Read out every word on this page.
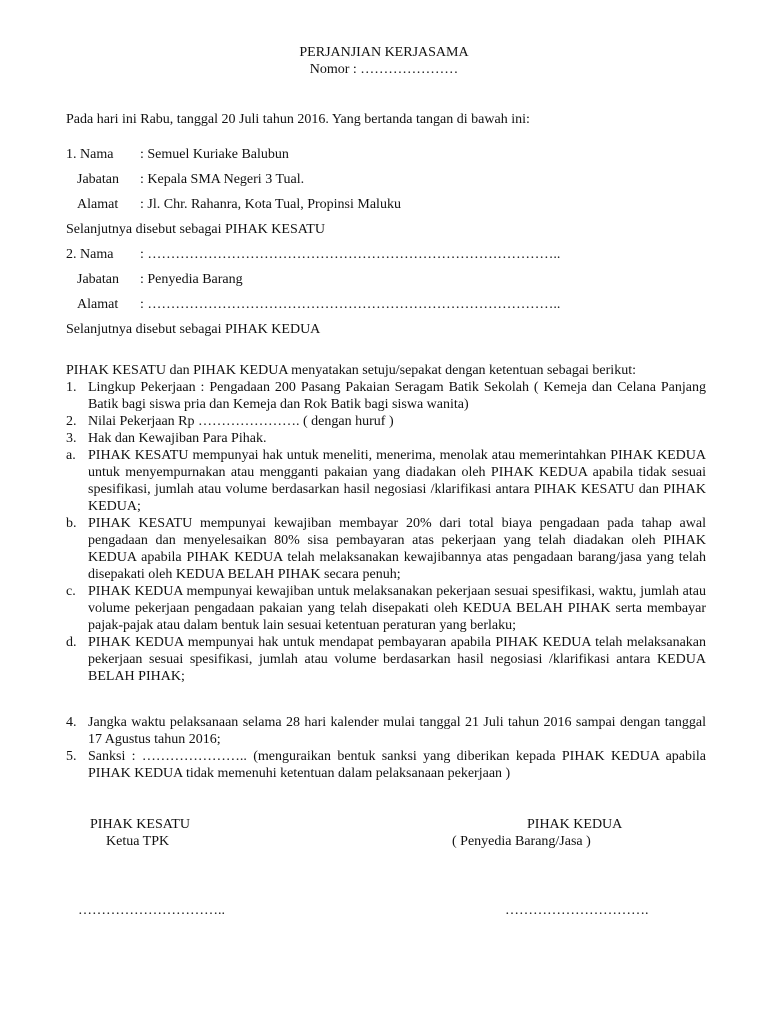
PERJANJIAN KERJASAMA
Nomor : …………………
Pada hari ini Rabu, tanggal 20 Juli tahun 2016. Yang bertanda tangan di bawah ini:
1. Nama : Semuel Kuriake Balubun
Jabatan : Kepala SMA Negeri 3 Tual.
Alamat : Jl. Chr. Rahanra, Kota Tual, Propinsi Maluku
Selanjutnya disebut sebagai PIHAK KESATU
2. Nama : ……………………………………………………………………………..
Jabatan : Penyedia Barang
Alamat : ……………………………………………………………………………..
Selanjutnya disebut sebagai PIHAK KEDUA
PIHAK KESATU dan PIHAK KEDUA menyatakan setuju/sepakat dengan ketentuan sebagai berikut:
1. Lingkup Pekerjaan : Pengadaan 200 Pasang Pakaian Seragam Batik Sekolah ( Kemeja dan Celana Panjang Batik bagi siswa pria dan Kemeja dan Rok Batik bagi siswa wanita)
2. Nilai Pekerjaan Rp …………………. ( dengan huruf )
3. Hak dan Kewajiban Para Pihak.
a. PIHAK KESATU mempunyai hak untuk meneliti, menerima, menolak atau memerintahkan PIHAK KEDUA untuk menyempurnakan atau mengganti pakaian yang diadakan oleh PIHAK KEDUA apabila tidak sesuai spesifikasi, jumlah atau volume berdasarkan hasil negosiasi /klarifikasi antara PIHAK KESATU dan PIHAK KEDUA;
b. PIHAK KESATU mempunyai kewajiban membayar 20% dari total biaya pengadaan pada tahap awal pengadaan dan menyelesaikan 80% sisa pembayaran atas pekerjaan yang telah diadakan oleh PIHAK KEDUA apabila PIHAK KEDUA telah melaksanakan kewajibannya atas pengadaan barang/jasa yang telah disepakati oleh KEDUA BELAH PIHAK secara penuh;
c. PIHAK KEDUA mempunyai kewajiban untuk melaksanakan pekerjaan sesuai spesifikasi, waktu, jumlah atau volume pekerjaan pengadaan pakaian yang telah disepakati oleh KEDUA BELAH PIHAK serta membayar pajak-pajak atau dalam bentuk lain sesuai ketentuan peraturan yang berlaku;
d. PIHAK KEDUA mempunyai hak untuk mendapat pembayaran apabila PIHAK KEDUA telah melaksanakan pekerjaan sesuai spesifikasi, jumlah atau volume berdasarkan hasil negosiasi /klarifikasi antara KEDUA BELAH PIHAK;
4. Jangka waktu pelaksanaan selama 28 hari kalender mulai tanggal 21 Juli tahun 2016 sampai dengan tanggal 17 Agustus tahun 2016;
5. Sanksi : ………………….. (menguraikan bentuk sanksi yang diberikan kepada PIHAK KEDUA apabila PIHAK KEDUA tidak memenuhi ketentuan dalam pelaksanaan pekerjaan )
PIHAK KESATU
Ketua TPK
…………………………..
PIHAK KEDUA
( Penyedia Barang/Jasa )
………………………….
